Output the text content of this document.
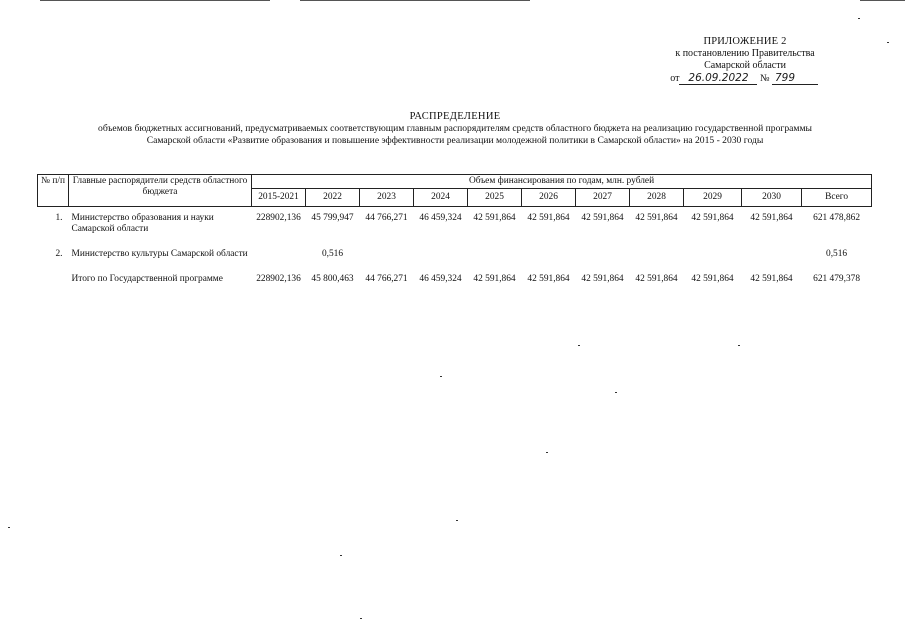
ПРИЛОЖЕНИЕ 2
к постановлению Правительства
Самарской области
от 26.09.2022 № 799
РАСПРЕДЕЛЕНИЕ
объемов бюджетных ассигнований, предусматриваемых соответствующим главным распорядителям средств областного бюджета на реализацию государственной программы
Самарской области «Развитие образования и повышение эффективности реализации молодежной политики в Самарской области» на 2015 - 2030 годы
№ п/п	Главные распорядители средств областного бюджета	Объем финансирования по годам, млн. рублей										
		2015-2021	2022	2023	2024	2025	2026	2027	2028	2029	2030	Всего

1.	Министерство образования и науки Самарской области	228902,136	45 799,947	44 766,271	46 459,324	42 591,864	42 591,864	42 591,864	42 591,864	42 591,864	42 591,864	621 478,862

2.	Министерство культуры Самарской области		0,516									0,516

	Итого по Государственной программе	228902,136	45 800,463	44 766,271	46 459,324	42 591,864	42 591,864	42 591,864	42 591,864	42 591,864	42 591,864	621 479,378
